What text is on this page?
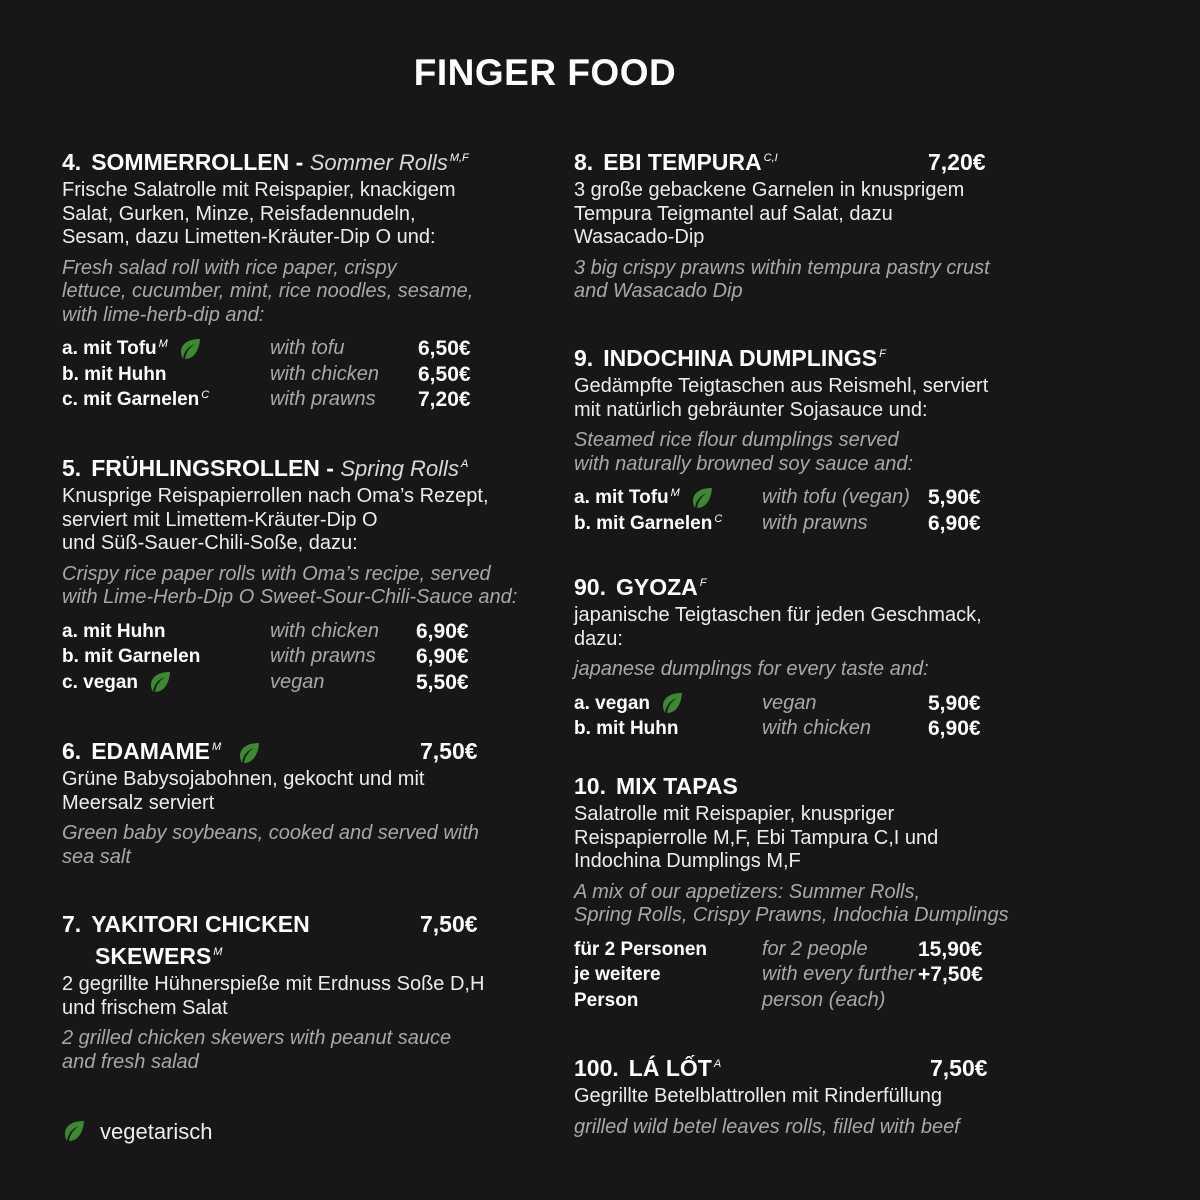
FINGER FOOD
4. SOMMERROLLEN - Sommer Rolls $^{M,F}$
Frische Salatrolle mit Reispapier, knackigem
Salat, Gurken, Minze, Reisfadennudeln,
Sesam, dazu Limetten-Kräuter-Dip O und:
Fresh salad roll with rice paper, crispy
lettuce, cucumber, mint, rice noodles, sesame,
with lime-herb-dip and:
a. mit Tofu $^M$	with tofu	6,50€
b. mit Huhn	with chicken 6,50€
c. mit Garnelen $^C$	with prawns 7,20€
5. FRÜHLINGSROLLEN - Spring Rolls $^A$
Knusprige Reispapierrollen nach Oma’s Rezept,
serviert mit Limettem-Kräuter-Dip O
und Süß-Sauer-Chili-Soße, dazu:
Crispy rice paper rolls with Oma’s recipe, served
with Lime-Herb-Dip O Sweet-Sour-Chili-Sauce and:
a. mit Huhn	with chicken 6,90€
b. mit Garnelen	with prawns 6,90€
c. vegan	vegan	5,50€
6. EDAMAME $^M$	7,50€
Grüne Babysojabohnen, gekocht und mit
Meersalz serviert
Green baby soybeans, cooked and served with
sea salt
7. YAKITORI CHICKEN	7,50€
SKEWERS $^M$
2 gegrillte Hühnerspieße mit Erdnuss Soße D,H
und frischem Salat
2 grilled chicken skewers with peanut sauce
and fresh salad
8. EBI TEMPURA $^{C,I}$	7,20€
3 große gebackene Garnelen in knusprigem
Tempura Teigmantel auf Salat, dazu
Wasacado-Dip
3 big crispy prawns within tempura pastry crust
and Wasacado Dip
9. INDOCHINA DUMPLINGS $^F$
Gedämpfte Teigtaschen aus Reismehl, serviert
mit natürlich gebräunter Sojasauce und:
Steamed rice flour dumplings served
with naturally browned soy sauce and:
a. mit Tofu $^M$	with tofu (vegan) 5,90€
b. mit Garnelen $^C$ with prawns	6,90€
90. GYOZA $^F$
japanische Teigtaschen für jeden Geschmack,
dazu:
japanese dumplings for every taste and:
a. vegan	vegan	5,90€
b. mit Huhn	with chicken	6,90€
10. MIX TAPAS
Salatrolle mit Reispapier, knuspriger
Reispapierrolle M,F, Ebi Tampura C,I und
Indochina Dumplings M,F
A mix of our appetizers: Summer Rolls,
Spring Rolls, Crispy Prawns, Indochia Dumplings
für 2 Personen	for 2 people 15,90€
je weitere	with every further +7,50€
Person	person (each)
100. LÁ LỐT $^A$	7,50€
Gegrillte Betelblattrollen mit Rinderfüllung
grilled wild betel leaves rolls, filled with beef
vegetarisch
